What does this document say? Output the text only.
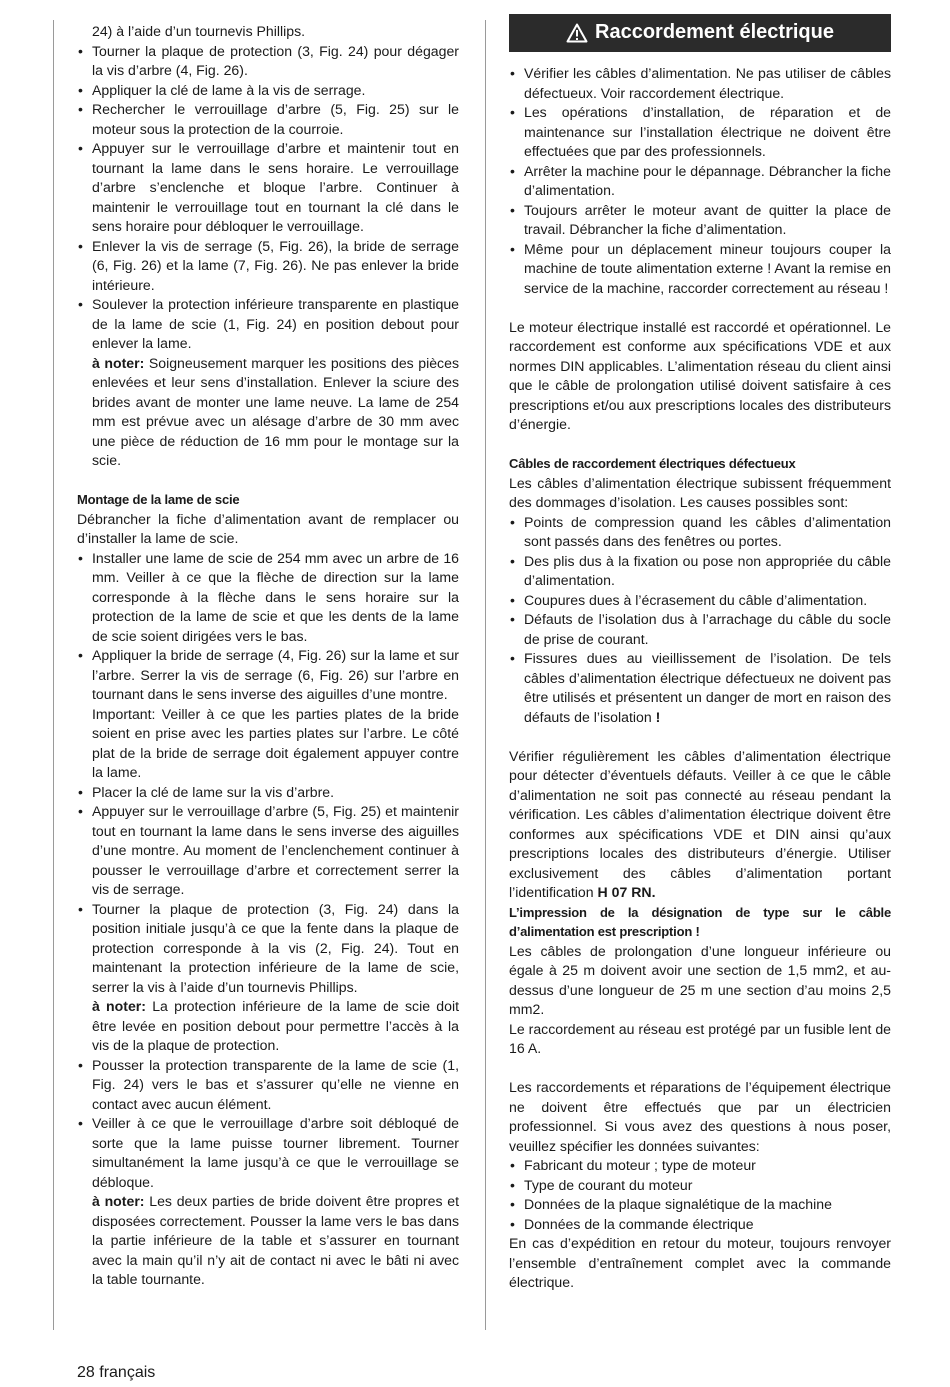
24) à l’aide d’un tournevis Phillips.
• Tourner la plaque de protection (3, Fig. 24) pour dégager la vis d’arbre (4, Fig. 26).
• Appliquer la clé de lame à la vis de serrage.
• Rechercher le verrouillage d’arbre (5, Fig. 25) sur le moteur sous la protection de la courroie.
• Appuyer sur le verrouillage d’arbre et maintenir tout en tournant la lame dans le sens horaire. Le verrouillage d’arbre s’enclenche et bloque l’arbre. Continuer à maintenir le verrouillage tout en tournant la clé dans le sens horaire pour débloquer le verrouillage.
• Enlever la vis de serrage (5, Fig. 26), la bride de serrage (6, Fig. 26) et la lame (7, Fig. 26). Ne pas enlever la bride intérieure.
• Soulever la protection inférieure transparente en plastique de la lame de scie (1, Fig. 24) en position debout pour enlever la lame.
à noter: Soigneusement marquer les positions des pièces enlevées et leur sens d’installation. Enlever la sciure des brides avant de monter une lame neuve. La lame de 254 mm est prévue avec un alésage d’arbre de 30 mm avec une pièce de réduction de 16 mm pour le montage sur la scie.

Montage de la lame de scie

Débrancher la fiche d’alimentation avant de remplacer ou d’installer la lame de scie.

• Installer une lame de scie de 254 mm avec un arbre de 16 mm. Veiller à ce que la flèche de direction sur la lame corresponde à la flèche dans le sens horaire sur la protection de la lame de scie et que les dents de la lame de scie soient dirigées vers le bas.
• Appliquer la bride de serrage (4, Fig. 26) sur la lame et sur l’arbre. Serrer la vis de serrage (6, Fig. 26) sur l’arbre en tournant dans le sens inverse des aiguilles d’une montre.
Important: Veiller à ce que les parties plates de la bride soient en prise avec les parties plates sur l’arbre. Le côté plat de la bride de serrage doit également appuyer contre la lame.
• Placer la clé de lame sur la vis d’arbre.
• Appuyer sur le verrouillage d’arbre (5, Fig. 25) et maintenir tout en tournant la lame dans le sens inverse des aiguilles d’une montre. Au moment de l’enclenchement continuer à pousser le verrouillage d’arbre et correctement serrer la vis de serrage.
• Tourner la plaque de protection (3, Fig. 24) dans la position initiale jusqu’à ce que la fente dans la plaque de protection corresponde à la vis (2, Fig. 24). Tout en maintenant la protection inférieure de la lame de scie, serrer la vis à l’aide d’un tournevis Phillips.
à noter: La protection inférieure de la lame de scie doit être levée en position debout pour permettre l’accès à la vis de la plaque de protection.
• Pousser la protection transparente de la lame de scie (1, Fig. 24) vers le bas et s’assurer qu’elle ne vienne en contact avec aucun élément.
• Veiller à ce que le verrouillage d’arbre soit débloqué de sorte que la lame puisse tourner librement. Tourner simultanément la lame jusqu’à ce que le verrouillage se débloque.
à noter: Les deux parties de bride doivent être propres et disposées correctement. Pousser la lame vers le bas dans la partie inférieure de la table et s’assurer en tournant avec la main qu’il n’y ait de contact ni avec le bâti ni avec la table tournante.
Raccordement électrique
• Vérifier les câbles d’alimentation. Ne pas utiliser de câbles défectueux. Voir raccordement électrique.
• Les opérations d’installation, de réparation et de maintenance sur l’installation électrique ne doivent être effectuées que par des professionnels.
• Arrêter la machine pour le dépannage. Débrancher la fiche d’alimentation.
• Toujours arrêter le moteur avant de quitter la place de travail. Débrancher la fiche d’alimentation.
• Même pour un déplacement mineur toujours couper la machine de toute alimentation externe ! Avant la remise en service de la machine, raccorder correctement au réseau !

Le moteur électrique installé est raccordé et opérationnel. Le raccordement est conforme aux spécifications VDE et aux normes DIN applicables. L’alimentation réseau du client ainsi que le câble de prolongation utilisé doivent satisfaire à ces prescriptions et/ou aux prescriptions locales des distributeurs d’énergie.

Câbles de raccordement électriques défectueux

Les câbles d’alimentation électrique subissent fréquemment des dommages d’isolation. Les causes possibles sont:

• Points de compression quand les câbles d’alimentation sont passés dans des fenêtres ou portes.
• Des plis dus à la fixation ou pose non appropriée du câble d’alimentation.
• Coupures dues à l’écrasement du câble d’alimentation.
• Défauts de l’isolation dus à l’arrachage du câble du socle de prise de courant.
• Fissures dues au vieillissement de l’isolation. De tels câbles d’alimentation électrique défectueux ne doivent pas être utilisés et présentent un danger de mort en raison des défauts de l’isolation !

Vérifier régulièrement les câbles d’alimentation électrique pour détecter d’éventuels défauts. Veiller à ce que le câble d’alimentation ne soit pas connecté au réseau pendant la vérification. Les câbles d’alimentation électrique doivent être conformes aux spécifications VDE et DIN ainsi qu’aux prescriptions locales des distributeurs d’énergie. Utiliser exclusivement des câbles d’alimentation portant l’identification H 07 RN.

L’impression de la désignation de type sur le câble d’alimentation est prescription !

Les câbles de prolongation d’une longueur inférieure ou égale à 25 m doivent avoir une section de 1,5 mm2, et au-dessus d’une longueur de 25 m une section d’au moins 2,5 mm2.

Le raccordement au réseau est protégé par un fusible lent de 16 A.

Les raccordements et réparations de l’équipement électrique ne doivent être effectués que par un électricien professionnel. Si vous avez des questions à nous poser, veuillez spécifier les données suivantes:

• Fabricant du moteur ; type de moteur
• Type de courant du moteur
• Données de la plaque signalétique de la machine
• Données de la commande électrique

En cas d’expédition en retour du moteur, toujours renvoyer l’ensemble d’entraînement complet avec la commande électrique.

28 français
